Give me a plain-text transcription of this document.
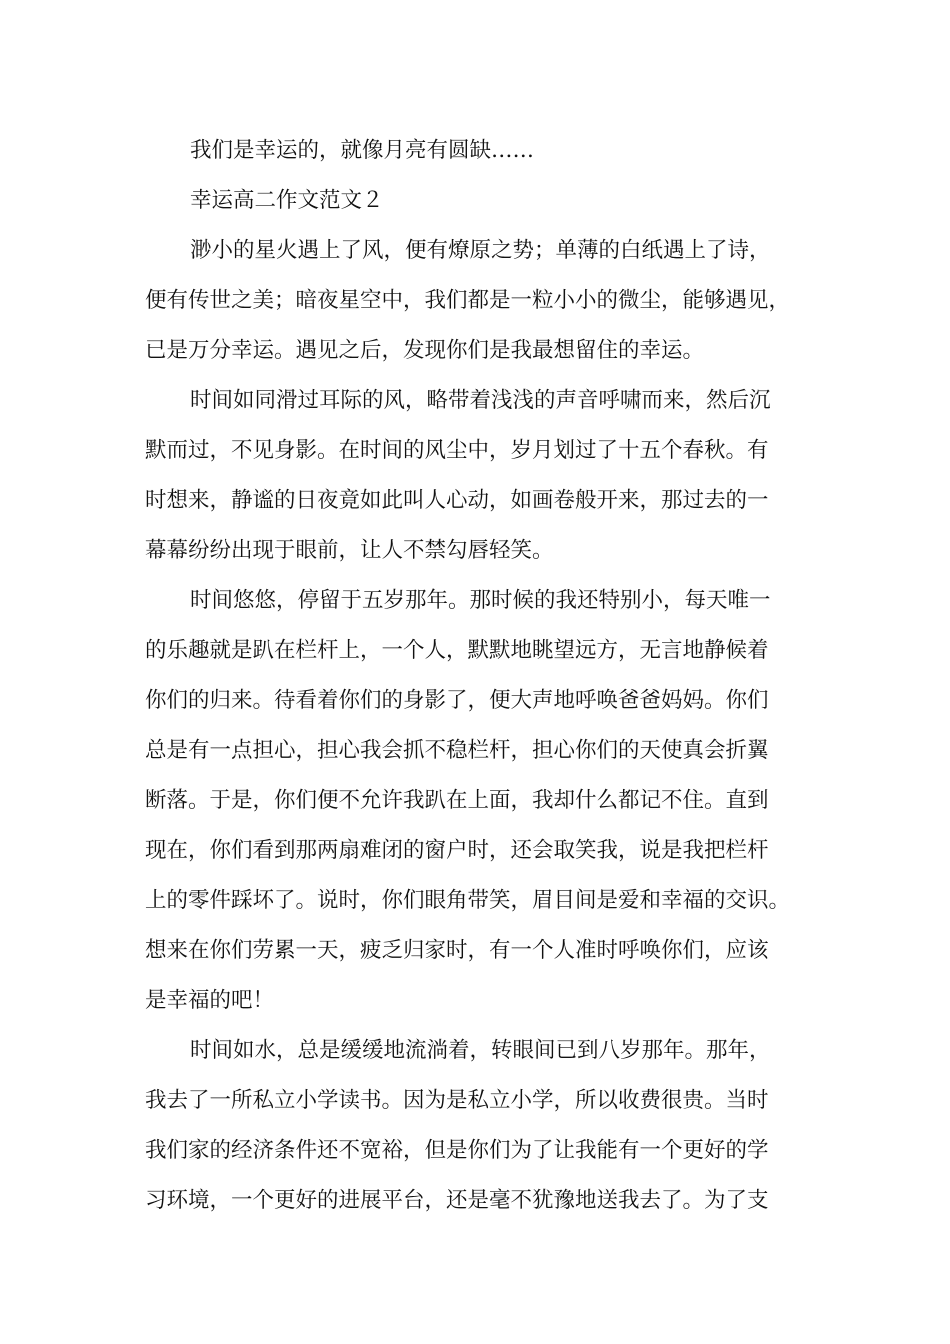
我们是幸运的，就像月亮有圆缺……
幸运高二作文范文２
渺小的星火遇上了风，便有燎原之势；单薄的白纸遇上了诗，
便有传世之美；暗夜星空中，我们都是一粒小小的微尘，能够遇见，
已是万分幸运。遇见之后，发现你们是我最想留住的幸运。
时间如同滑过耳际的风，略带着浅浅的声音呼啸而来，然后沉
默而过，不见身影。在时间的风尘中，岁月划过了十五个春秋。有
时想来，静谧的日夜竟如此叫人心动，如画卷般开来，那过去的一
幕幕纷纷出现于眼前，让人不禁勾唇轻笑。
时间悠悠，停留于五岁那年。那时候的我还特别小，每天唯一
的乐趣就是趴在栏杆上，一个人，默默地眺望远方，无言地静候着
你们的归来。待看着你们的身影了，便大声地呼唤爸爸妈妈。你们
总是有一点担心，担心我会抓不稳栏杆，担心你们的天使真会折翼
断落。于是，你们便不允许我趴在上面，我却什么都记不住。直到
现在，你们看到那两扇难闭的窗户时，还会取笑我，说是我把栏杆
上的零件踩坏了。说时，你们眼角带笑，眉目间是爱和幸福的交识。
想来在你们劳累一天，疲乏归家时，有一个人准时呼唤你们，应该
是幸福的吧！
时间如水，总是缓缓地流淌着，转眼间已到八岁那年。那年，
我去了一所私立小学读书。因为是私立小学，所以收费很贵。当时
我们家的经济条件还不宽裕，但是你们为了让我能有一个更好的学
习环境，一个更好的进展平台，还是毫不犹豫地送我去了。为了支
